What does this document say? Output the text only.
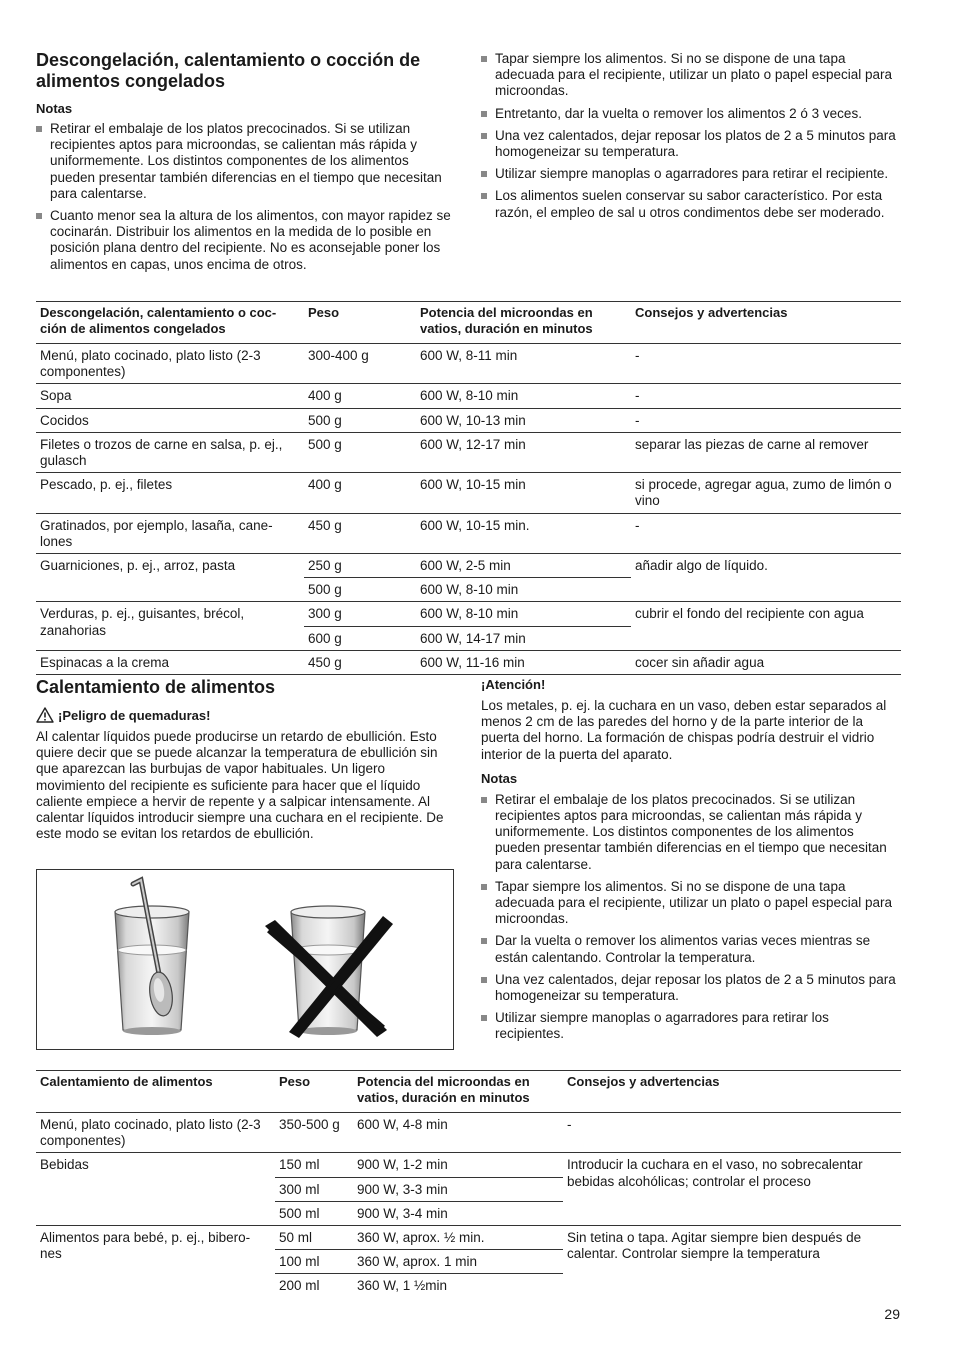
Descongelación, calentamiento o cocción de alimentos congelados
Notas
Retirar el embalaje de los platos precocinados. Si se utilizan recipientes aptos para microondas, se calientan más rápida y uniformemente. Los distintos componentes de los alimentos pueden presentar también diferencias en el tiempo que necesitan para calentarse.
Cuanto menor sea la altura de los alimentos, con mayor rapidez se cocinarán. Distribuir los alimentos en la medida de lo posible en posición plana dentro del recipiente. No es aconsejable poner los alimentos en capas, unos encima de otros.
Tapar siempre los alimentos. Si no se dispone de una tapa adecuada para el recipiente, utilizar un plato o papel especial para microondas.
Entretanto, dar la vuelta o remover los alimentos 2 ó 3 veces.
Una vez calentados, dejar reposar los platos de 2 a 5 minutos para homogeneizar su temperatura.
Utilizar siempre manoplas o agarradores para retirar el recipiente.
Los alimentos suelen conservar su sabor característico. Por esta razón, el empleo de sal u otros condimentos debe ser moderado.
Descongelación, calentamiento o coc-ción de alimentos congelados	Peso	Potencia del microondas en vatios, duración en minutos	Consejos y advertencias
Menú, plato cocinado, plato listo (2-3 componentes)	300-400 g	600 W, 8-11 min	-
Sopa	400 g	600 W, 8-10 min	-
Cocidos	500 g	600 W, 10-13 min	-
Filetes o trozos de carne en salsa, p. ej., gulasch	500 g	600 W, 12-17 min	separar las piezas de carne al remover
Pescado, p. ej., filetes	400 g	600 W, 10-15 min	si procede, agregar agua, zumo de limón o vino
Gratinados, por ejemplo, lasaña, cane-lones	450 g	600 W, 10-15 min.	-
Guarniciones, p. ej., arroz, pasta	250 g	600 W, 2-5 min	añadir algo de líquido.
	500 g	600 W, 8-10 min	
Verduras, p. ej., guisantes, brécol, zanahorias	300 g	600 W, 8-10 min	cubrir el fondo del recipiente con agua
	600 g	600 W, 14-17 min	
Espinacas a la crema	450 g	600 W, 11-16 min	cocer sin añadir agua
Calentamiento de alimentos
¡Peligro de quemaduras!

Al calentar líquidos puede producirse un retardo de ebullición. Esto quiere decir que se puede alcanzar la temperatura de ebullición sin que aparezcan las burbujas de vapor habituales. Un ligero movimiento del recipiente es suficiente para hacer que el líquido caliente empiece a hervir de repente y a salpicar intensamente. Al calentar líquidos introducir siempre una cuchara en el recipiente. De este modo se evitan los retardos de ebullición.

¡Atención!

Los metales, p. ej. la cuchara en un vaso, deben estar separados al menos 2 cm de las paredes del horno y de la parte interior de la puerta del horno. La formación de chispas podría destruir el vidrio interior de la puerta del aparato.

Notas
Retirar el embalaje de los platos precocinados. Si se utilizan recipientes aptos para microondas, se calientan más rápida y uniformemente. Los distintos componentes de los alimentos pueden presentar también diferencias en el tiempo que necesitan para calentarse.
Tapar siempre los alimentos. Si no se dispone de una tapa adecuada para el recipiente, utilizar un plato o papel especial para microondas.
Dar la vuelta o remover los alimentos varias veces mientras se están calentando. Controlar la temperatura.
Una vez calentados, dejar reposar los platos de 2 a 5 minutos para homogeneizar su temperatura.
Utilizar siempre manoplas o agarradores para retirar los recipientes.
Calentamiento de alimentos	Peso	Potencia del microondas en vatios, duración en minutos	Consejos y advertencias
Menú, plato cocinado, plato listo (2-3 componentes)	350-500 g	600 W, 4-8 min	-
Bebidas	150 ml	900 W, 1-2 min	Introducir la cuchara en el vaso, no sobrecalentar bebidas alcohólicas; controlar el proceso
	300 ml	900 W, 3-3 min	
	500 ml	900 W, 3-4 min	
Alimentos para bebé, p. ej., bibero-nes	50 ml	360 W, aprox. ½ min.	Sin tetina o tapa. Agitar siempre bien después de calentar. Controlar siempre la temperatura
	100 ml	360 W, aprox. 1 min	
	200 ml	360 W, 1 ½min	
29
